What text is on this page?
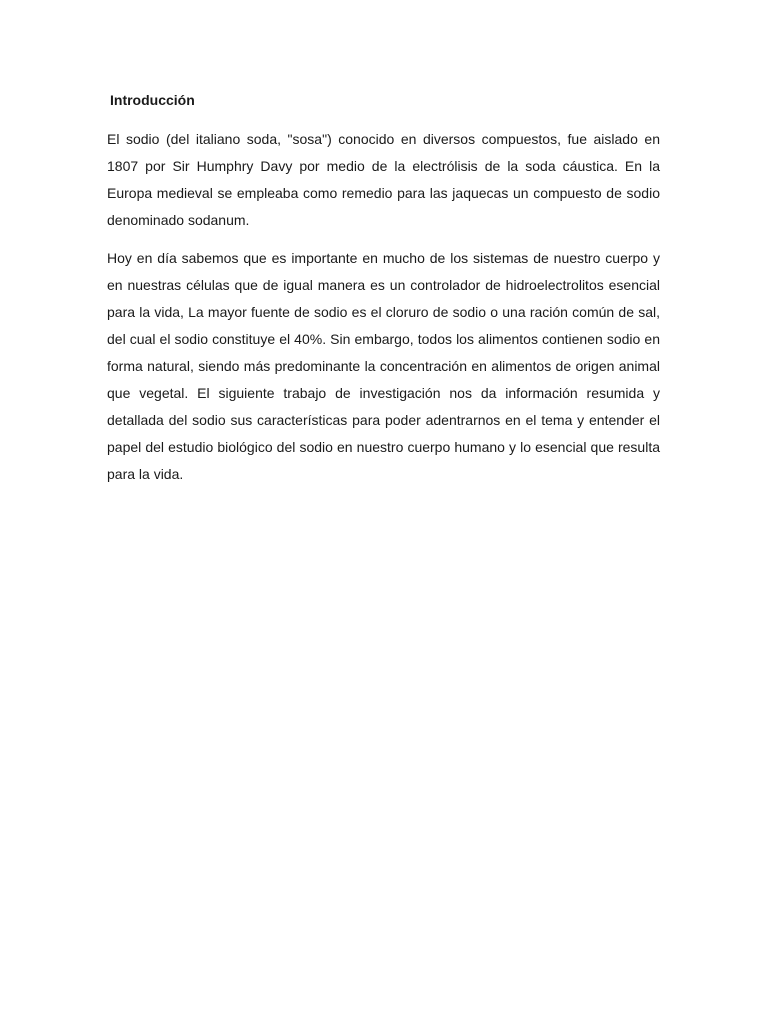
Introducción

El sodio (del italiano soda, "sosa") conocido en diversos compuestos, fue aislado en 1807 por Sir Humphry Davy por medio de la electrólisis de la soda cáustica. En la Europa medieval se empleaba como remedio para las jaquecas un compuesto de sodio denominado sodanum.

Hoy en día sabemos que es importante en mucho de los sistemas de nuestro cuerpo y en nuestras células que de igual manera es un controlador de hidroelectrolitos esencial para la vida, La mayor fuente de sodio es el cloruro de sodio o una ración común de sal, del cual el sodio constituye el 40%. Sin embargo, todos los alimentos contienen sodio en forma natural, siendo más predominante la concentración en alimentos de origen animal que vegetal. El siguiente trabajo de investigación nos da información resumida y detallada del sodio sus características para poder adentrarnos en el tema y entender el papel del estudio biológico del sodio en nuestro cuerpo humano y lo esencial que resulta para la vida.
